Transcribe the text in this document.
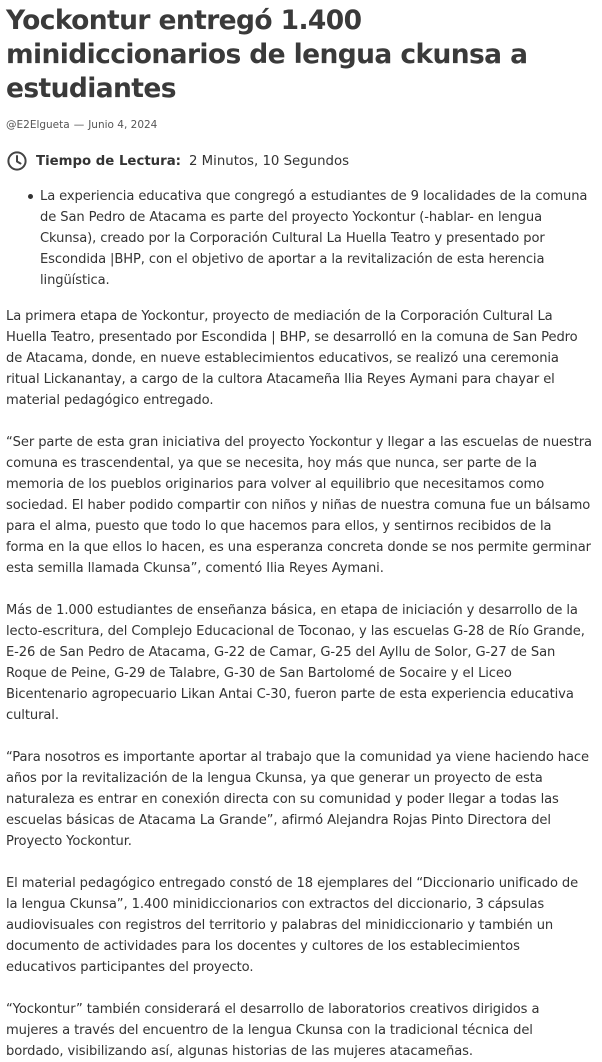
Yockontur entregó 1.400 minidiccionarios de lengua ckunsa a estudiantes
@E2Elgueta — Junio 4, 2024
Tiempo de Lectura: 2 Minutos, 10 Segundos
La experiencia educativa que congregó a estudiantes de 9 localidades de la comuna de San Pedro de Atacama es parte del proyecto Yockontur (-hablar- en lengua Ckunsa), creado por la Corporación Cultural La Huella Teatro y presentado por Escondida |BHP, con el objetivo de aportar a la revitalización de esta herencia lingüística.

La primera etapa de Yockontur, proyecto de mediación de la Corporación Cultural La Huella Teatro, presentado por Escondida | BHP, se desarrolló en la comuna de San Pedro de Atacama, donde, en nueve establecimientos educativos, se realizó una ceremonia ritual Lickanantay, a cargo de la cultora Atacameña Ilia Reyes Aymani para chayar el material pedagógico entregado.

“Ser parte de esta gran iniciativa del proyecto Yockontur y llegar a las escuelas de nuestra comuna es trascendental, ya que se necesita, hoy más que nunca, ser parte de la memoria de los pueblos originarios para volver al equilibrio que necesitamos como sociedad. El haber podido compartir con niños y niñas de nuestra comuna fue un bálsamo para el alma, puesto que todo lo que hacemos para ellos, y sentirnos recibidos de la forma en la que ellos lo hacen, es una esperanza concreta donde se nos permite germinar esta semilla llamada Ckunsa”, comentó Ilia Reyes Aymani.

Más de 1.000 estudiantes de enseñanza básica, en etapa de iniciación y desarrollo de la lecto-escritura, del Complejo Educacional de Toconao, y las escuelas G-28 de Río Grande, E-26 de San Pedro de Atacama, G-22 de Camar, G-25 del Ayllu de Solor, G-27 de San Roque de Peine, G-29 de Talabre, G-30 de San Bartolomé de Socaire y el Liceo Bicentenario agropecuario Likan Antai C-30, fueron parte de esta experiencia educativa cultural.

“Para nosotros es importante aportar al trabajo que la comunidad ya viene haciendo hace años por la revitalización de la lengua Ckunsa, ya que generar un proyecto de esta naturaleza es entrar en conexión directa con su comunidad y poder llegar a todas las escuelas básicas de Atacama La Grande”, afirmó Alejandra Rojas Pinto Directora del Proyecto Yockontur.

El material pedagógico entregado constó de 18 ejemplares del “Diccionario unificado de la lengua Ckunsa”, 1.400 minidiccionarios con extractos del diccionario, 3 cápsulas audiovisuales con registros del territorio y palabras del minidiccionario y también un documento de actividades para los docentes y cultores de los establecimientos educativos participantes del proyecto.

“Yockontur” también considerará el desarrollo de laboratorios creativos dirigidos a mujeres a través del encuentro de la lengua Ckunsa con la tradicional técnica del bordado, visibilizando así, algunas historias de las mujeres atacameñas.
